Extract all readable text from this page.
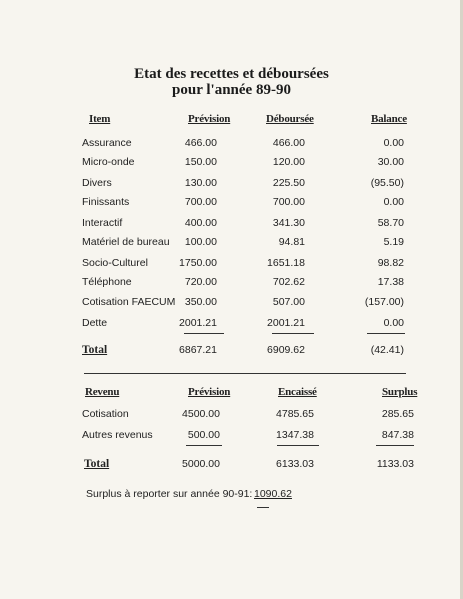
Etat des recettes et déboursées
pour l'année 89-90
Item	Prévision	Déboursée	Balance
Assurance	466.00	466.00	0.00
Micro-onde	150.00	120.00	30.00
Divers	130.00	225.50	(95.50)
Finissants	700.00	700.00	0.00
Interactif	400.00	341.30	58.70
Matériel de bureau	100.00	94.81	5.19
Socio-Culturel	1750.00	1651.18	98.82
Téléphone	720.00	702.62	17.38
Cotisation FAECUM 350.00	507.00	(157.00)
Dette	2001.21	2001.21	0.00
Total	6867.21	6909.62	(42.41)
Revenu	Prévision	Encaissé	Surplus
Cotisation	4500.00	4785.65	285.65
Autres revenus	500.00	1347.38	847.38
Total	5000.00	6133.03	1133.03
Surplus à reporter sur année 90-91: 1090.62
